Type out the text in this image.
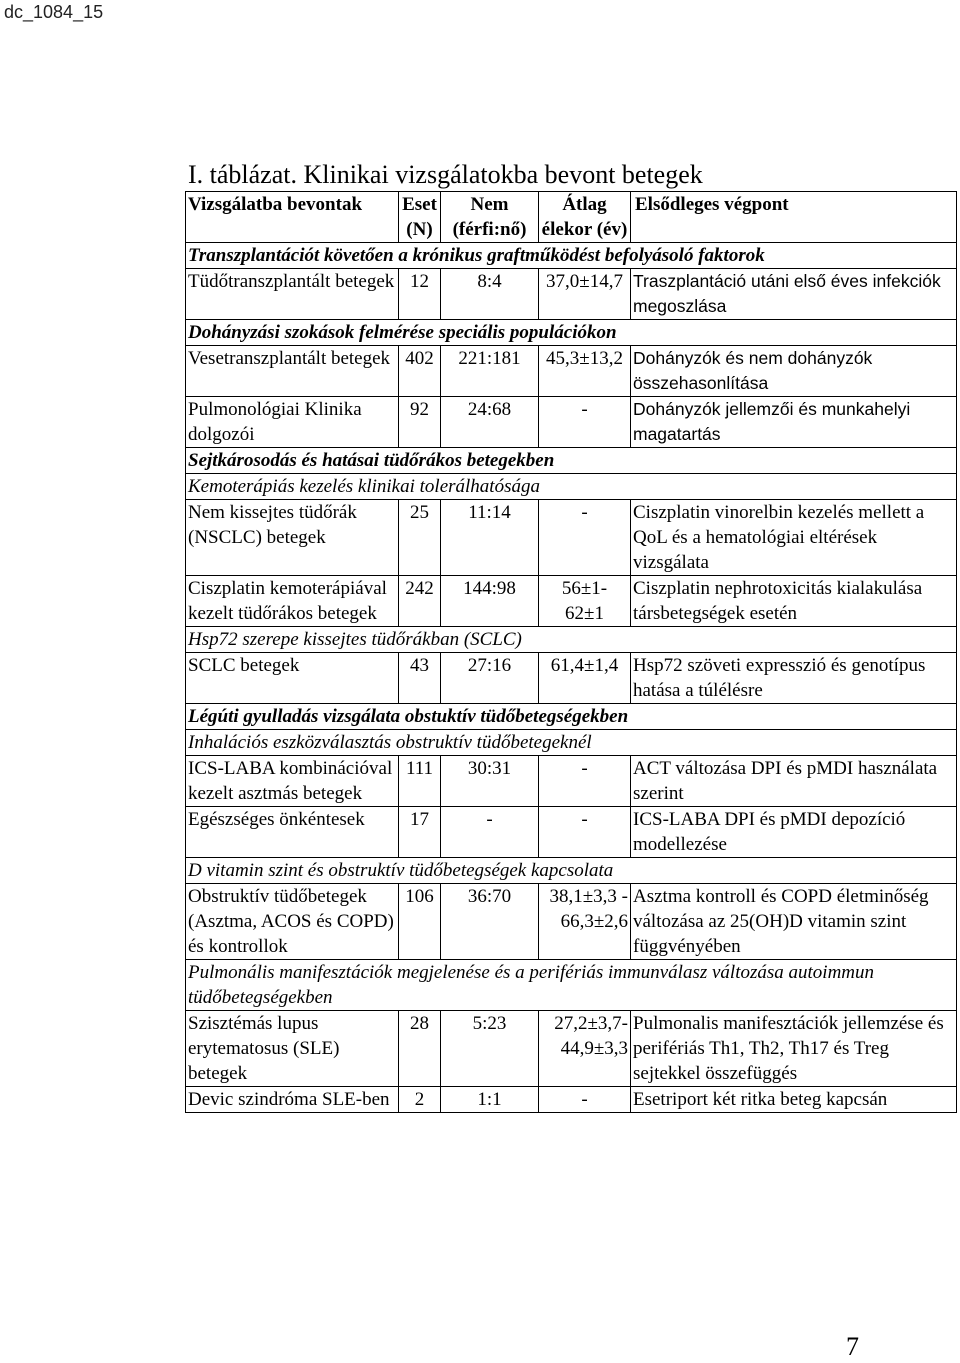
dc_1084_15
I. táblázat. Klinikai vizsgálatokba bevont betegek
Vizsgálatba bevontak	Eset (N)	Nem (férfi:nő)	Átlag élekor (év)	Elsődleges végpont
Transzplantációt követően a krónikus graftműködést befolyásoló faktorok				
Tüdőtranszplantált betegek	12	8:4	37,0±14,7	Traszplantáció utáni első éves infekciók megoszlása
Dohányzási szokások felmérése speciális populációkon				
Vesetranszplantált betegek	402	221:181	45,3±13,2	Dohányzók és nem dohányzók összehasonlítása
Pulmonológiai Klinika dolgozói	92	24:68	-	Dohányzók jellemzői és munkahelyi magatartás
Sejtkárosodás és hatásai tüdőrákos betegekben				
Kemoterápiás kezelés klinikai tolerálhatósága				
Nem kissejtes tüdőrák (NSCLC) betegek	25	11:14	-	Ciszplatin vinorelbin kezelés mellett a QoL és a hematológiai eltérések vizsgálata
Ciszplatin kemoterápiával kezelt tüdőrákos betegek	242	144:98	56±1- 62±1	Ciszplatin nephrotoxicitás kialakulása társbetegségek esetén
Hsp72 szerepe kissejtes tüdőrákban (SCLC)				
SCLC betegek	43	27:16	61,4±1,4	Hsp72 szöveti expresszió és genotípus hatása a túlélésre
Légúti gyulladás vizsgálata obstuktív tüdőbetegségekben				
Inhalációs eszközválasztás obstruktív tüdőbetegeknél				
ICS-LABA kombinációval kezelt asztmás betegek	111	30:31	-	ACT változása DPI és pMDI használata szerint
Egészséges önkéntesek	17	-	-	ICS-LABA DPI és pMDI depozíció modellezése
D vitamin szint és obstruktív tüdőbetegségek kapcsolata				
Obstruktív tüdőbetegek (Asztma, ACOS és COPD) és kontrollok	106	36:70	38,1±3,3 - 66,3±2,6	Asztma kontroll és COPD életminőség változása az 25(OH)D vitamin szint függvényében
Pulmonális manifesztációk megjelenése és a perifériás immunválasz változása autoimmun tüdőbetegségekben				
Szisztémás lupus erytematosus (SLE) betegek	28	5:23	27,2±3,7- 44,9±3,3	Pulmonalis manifesztációk jellemzése és perifériás Th1, Th2, Th17 és Treg sejtekkel összefüggés
Devic szindróma SLE-ben	2	1:1	-	Esetriport két ritka beteg kapcsán
7
